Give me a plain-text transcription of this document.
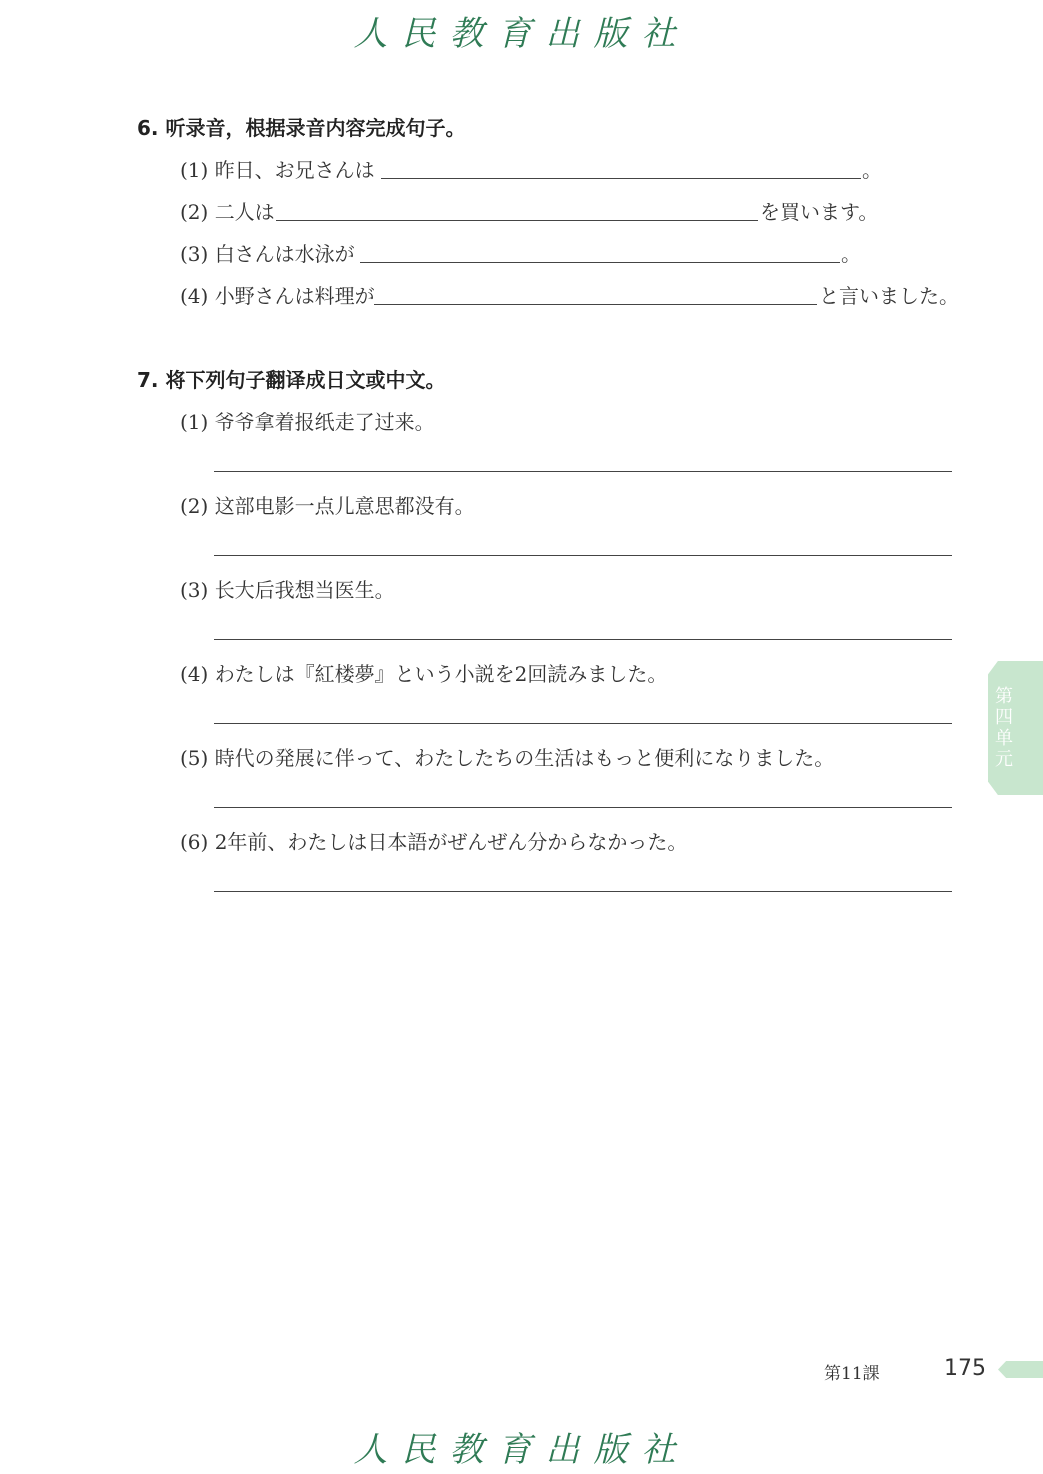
人民教育出版社
6. 听录音，根据录音内容完成句子。
(1) 昨日、お兄さんは	。
(2) 二人は	を買います。
(3) 白さんは水泳が	。
(4) 小野さんは料理が	と言いました。
7. 将下列句子翻译成日文或中文。
(1) 爷爷拿着报纸走了过来。
(2) 这部电影一点儿意思都没有。
(3) 长大后我想当医生。
(4) わたしは『紅楼夢』という小説を2回読みました。
(5) 時代の発展に伴って、わたしたちの生活はもっと便利になりました。
(6) 2年前、わたしは日本語がぜんぜん分からなかった。
第四单元
第11課	175
人民教育出版社
